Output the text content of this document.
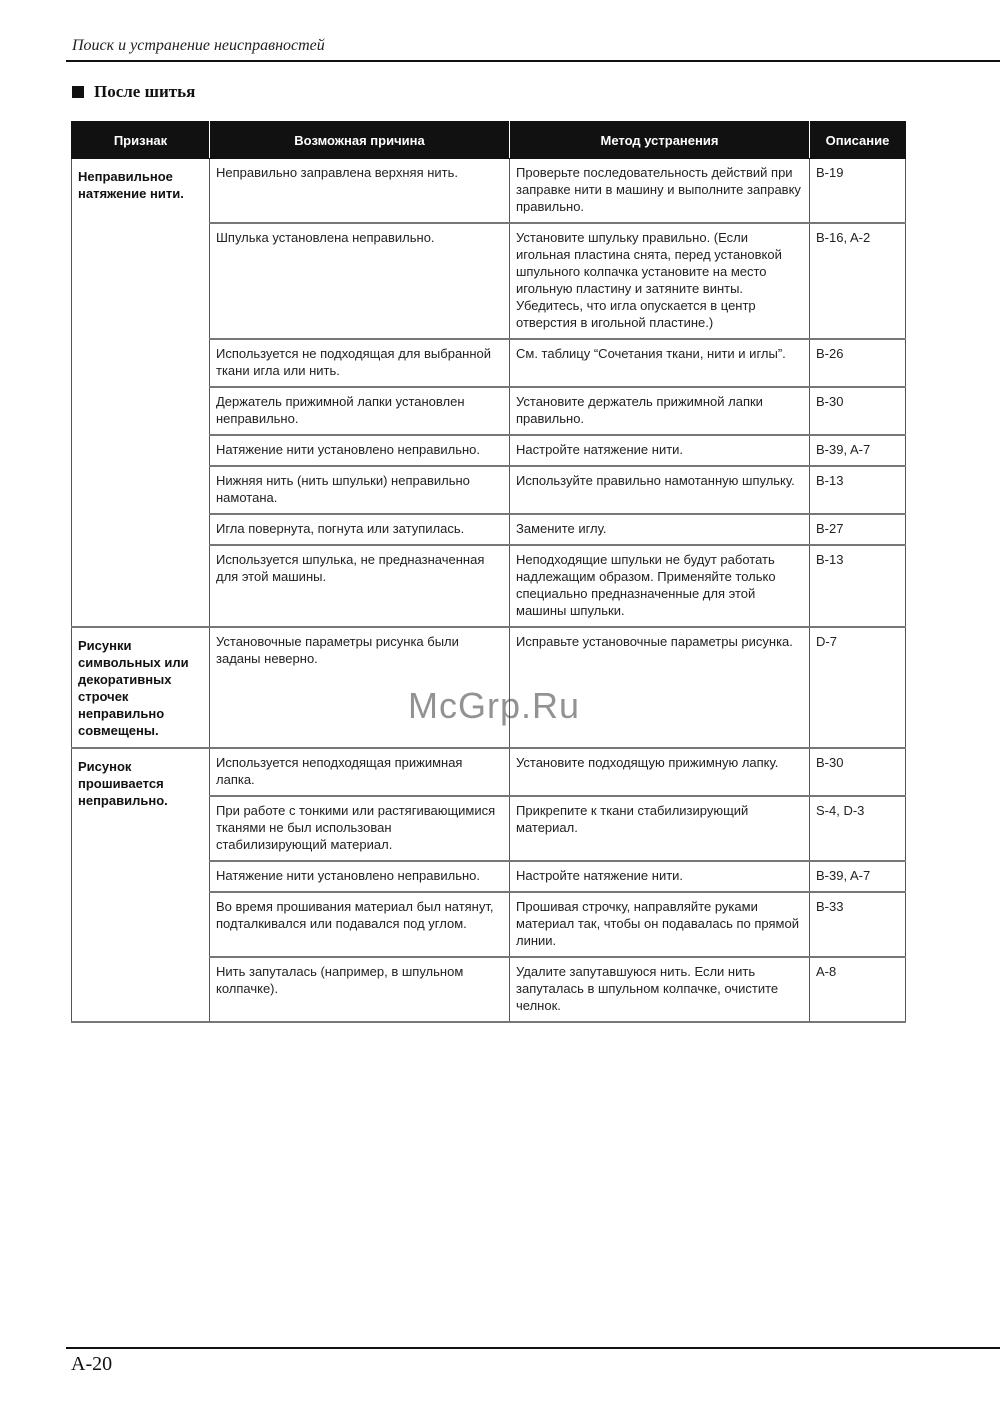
Поиск и устранение неисправностей
После шитья
Признак	Возможная причина	Метод устранения	Описание
Неправильное натяжение нити.	Неправильно заправлена верхняя нить.	Проверьте последовательность действий при заправке нити в машину и выполните заправку правильно.	B-19
	Шпулька установлена неправильно.	Установите шпульку правильно. (Если игольная пластина снята, перед установкой шпульного колпачка установите на место игольную пластину и затяните винты. Убедитесь, что игла опускается в центр отверстия в игольной пластине.)	B-16, A-2
	Используется не подходящая для выбранной ткани игла или нить.	См. таблицу “Сочетания ткани, нити и иглы”.	B-26
	Держатель прижимной лапки установлен неправильно.	Установите держатель прижимной лапки правильно.	B-30
	Натяжение нити установлено неправильно.	Настройте натяжение нити.	B-39, A-7
	Нижняя нить (нить шпульки) неправильно намотана.	Используйте правильно намотанную шпульку.	B-13
	Игла повернута, погнута или затупилась.	Замените иглу.	B-27
	Используется шпулька, не предназначенная для этой машины.	Неподходящие шпульки не будут работать надлежащим образом. Применяйте только специально предназначенные для этой машины шпульки.	B-13
Рисунки символьных или декоративных строчек неправильно совмещены.	Установочные параметры рисунка были заданы неверно.	Исправьте установочные параметры рисунка.	D-7
Рисунок прошивается неправильно.	Используется неподходящая прижимная лапка.	Установите подходящую прижимную лапку.	B-30
	При работе с тонкими или растягивающимися тканями не был использован стабилизирующий материал.	Прикрепите к ткани стабилизирующий материал.	S-4, D-3
	Натяжение нити установлено неправильно.	Настройте натяжение нити.	B-39, A-7
	Во время прошивания материал был натянут, подталкивался или подавался под углом.	Прошивая строчку, направляйте руками материал так, чтобы он подавалась по прямой линии.	B-33
	Нить запуталась (например, в шпульном колпачке).	Удалите запутавшуюся нить. Если нить запуталась в шпульном колпачке, очистите челнок.	A-8
McGrp.Ru
A-20
